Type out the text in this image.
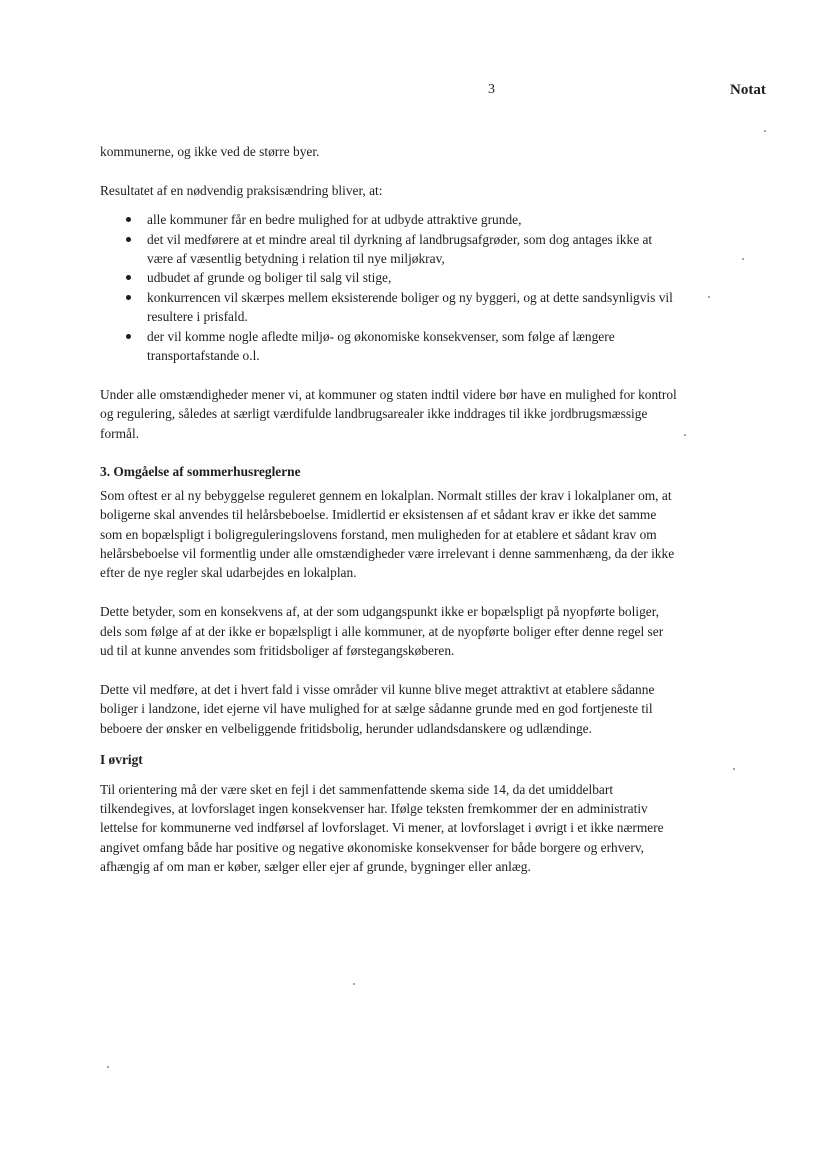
3	Notat

kommunerne, og ikke ved de større byer.

Resultatet af en nødvendig praksisændring bliver, at:

alle kommuner får en bedre mulighed for at udbyde attraktive grunde,
det vil medførere at et mindre areal til dyrkning af landbrugsafgrøder, som dog antages ikke at være af væsentlig betydning i relation til nye miljøkrav,
udbudet af grunde og boliger til salg vil stige,
konkurrencen vil skærpes mellem eksisterende boliger og ny byggeri, og at dette sandsynligvis vil resultere i prisfald.
der vil komme nogle afledte miljø- og økonomiske konsekvenser, som følge af længere transportafstande o.l.

Under alle omstændigheder mener vi, at kommuner og staten indtil videre bør have en mulighed for kontrol og regulering, således at særligt værdifulde landbrugsarealer ikke inddrages til ikke jordbrugsmæssige formål.

3. Omgåelse af sommerhusreglerne

Som oftest er al ny bebyggelse reguleret gennem en lokalplan. Normalt stilles der krav i lokalplaner om, at boligerne skal anvendes til helårsbeboelse. Imidlertid er eksistensen af et sådant krav er ikke det samme som en bopælspligt i boligreguleringslovens forstand, men muligheden for at etablere et sådant krav om helårsbeboelse vil formentlig under alle omstændigheder være irrelevant i denne sammenhæng, da der ikke efter de nye regler skal udarbejdes en lokalplan.

Dette betyder, som en konsekvens af, at der som udgangspunkt ikke er bopælspligt på nyopførte boliger, dels som følge af at der ikke er bopælspligt i alle kommuner, at de nyopførte boliger efter denne regel ser ud til at kunne anvendes som fritidsboliger af førstegangskøberen.

Dette vil medføre, at det i hvert fald i visse områder vil kunne blive meget attraktivt at etablere sådanne boliger i landzone, idet ejerne vil have mulighed for at sælge sådanne grunde med en god fortjeneste til beboere der ønsker en velbeliggende fritidsbolig, herunder udlandsdanskere og udlændinge.

I øvrigt

Til orientering må der være sket en fejl i det sammenfattende skema side 14, da det umiddelbart tilkendegives, at lovforslaget ingen konsekvenser har. Ifølge teksten fremkommer der en administrativ lettelse for kommunerne ved indførsel af lovforslaget. Vi mener, at lovforslaget i øvrigt i et ikke nærmere angivet omfang både har positive og negative økonomiske konsekvenser for både borgere og erhverv, afhængig af om man er køber, sælger eller ejer af grunde, bygninger eller anlæg.
